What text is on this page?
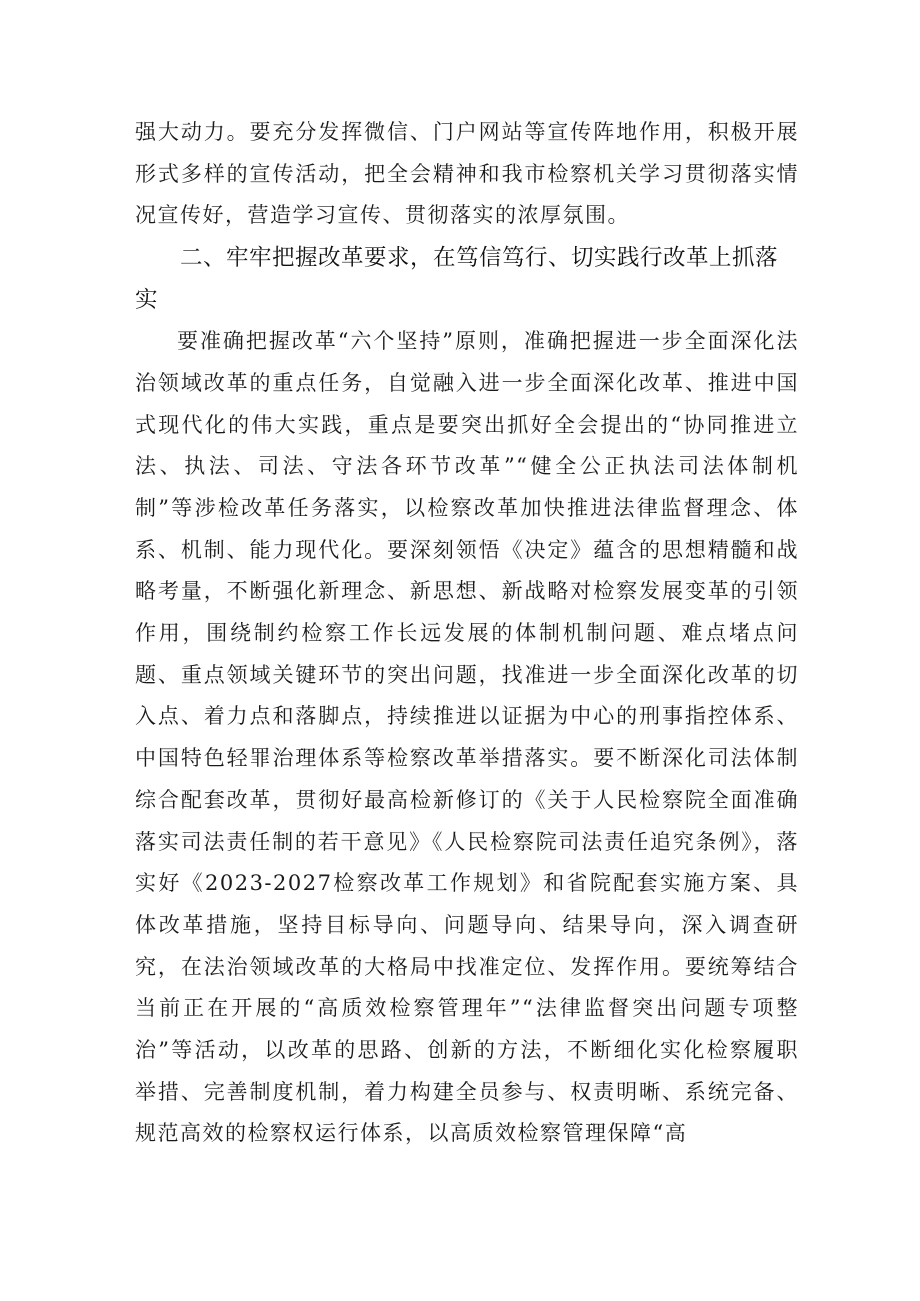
强大动力。要充分发挥微信、门户网站等宣传阵地作用，积极开展形式多样的宣传活动，把全会精神和我市检察机关学习贯彻落实情况宣传好，营造学习宣传、贯彻落实的浓厚氛围。

二、牢牢把握改革要求，在笃信笃行、切实践行改革上抓落实

要准确把握改革“六个坚持”原则，准确把握进一步全面深化法治领域改革的重点任务，自觉融入进一步全面深化改革、推进中国式现代化的伟大实践，重点是要突出抓好全会提出的“协同推进立法、执法、司法、守法各环节改革”“健全公正执法司法体制机制”等涉检改革任务落实，以检察改革加快推进法律监督理念、体系、机制、能力现代化。要深刻领悟《决定》蕴含的思想精髓和战略考量，不断强化新理念、新思想、新战略对检察发展变革的引领作用，围绕制约检察工作长远发展的体制机制问题、难点堵点问题、重点领域关键环节的突出问题，找准进一步全面深化改革的切入点、着力点和落脚点，持续推进以证据为中心的刑事指控体系、中国特色轻罪治理体系等检察改革举措落实。要不断深化司法体制综合配套改革，贯彻好最高检新修订的《关于人民检察院全面准确落实司法责任制的若干意见》《人民检察院司法责任追究条例》，落实好《2023-2027检察改革工作规划》和省院配套实施方案、具体改革措施，坚持目标导向、问题导向、结果导向，深入调查研究，在法治领域改革的大格局中找准定位、发挥作用。要统筹结合当前正在开展的“高质效检察管理年”“法律监督突出问题专项整治”等活动，以改革的思路、创新的方法，不断细化实化检察履职举措、完善制度机制，着力构建全员参与、权责明晰、系统完备、规范高效的检察权运行体系，以高质效检察管理保障“高
